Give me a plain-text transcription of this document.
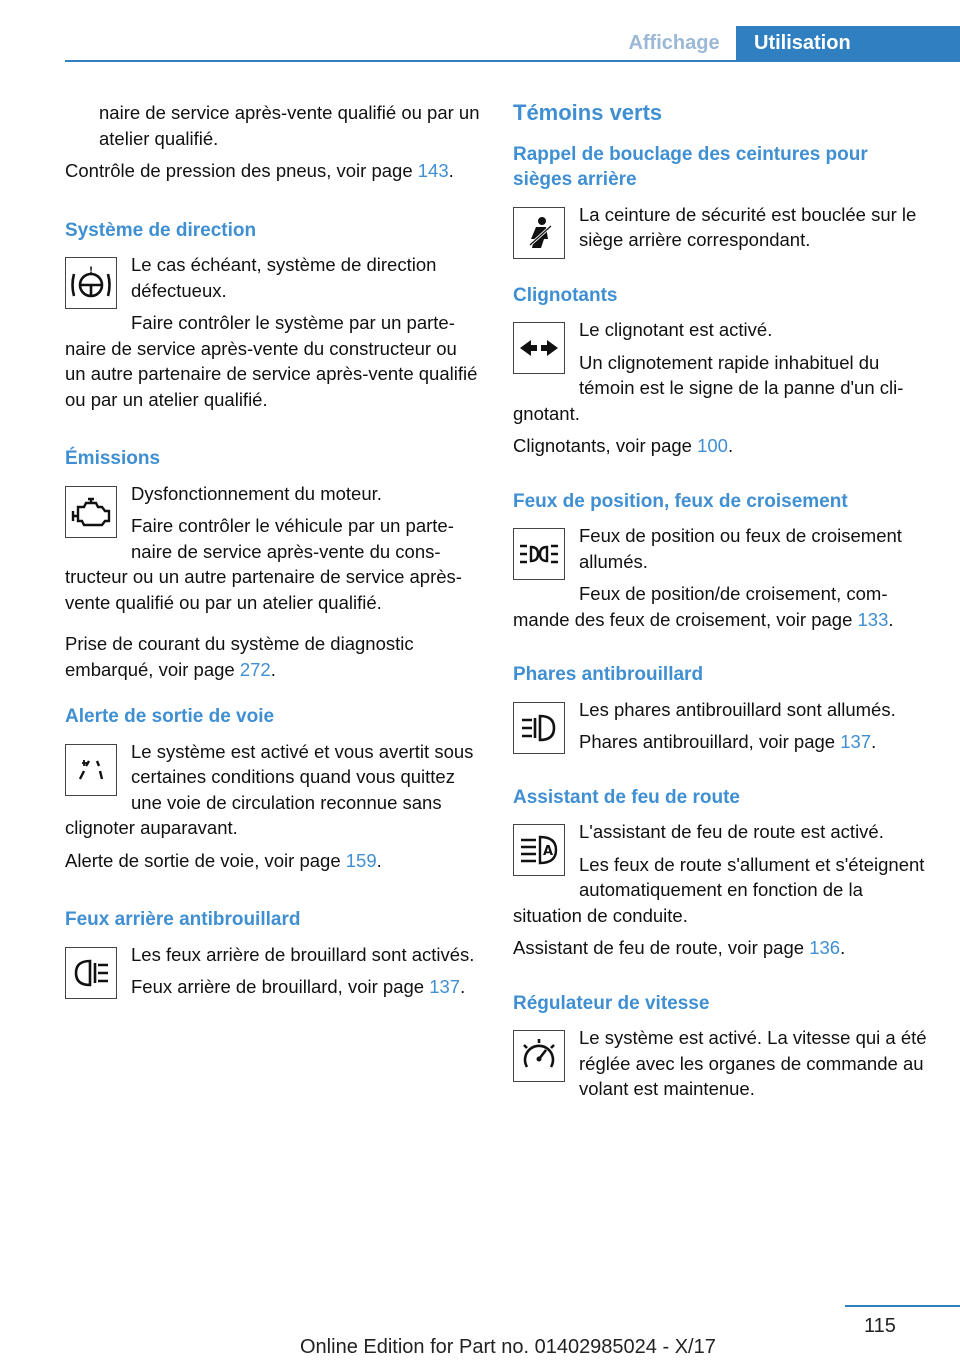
Affichage	Utilisation

naire de service après-vente qualifié ou par un atelier qualifié.

Contrôle de pression des pneus, voir page 143.

Système de direction
!	Le cas échéant, système de direction défectueux.

Faire contrôler le système par un partenaire de service après-vente du constructeur ou un autre partenaire de service après-vente qualifié ou par un atelier qualifié.

Émissions

Dysfonctionnement du moteur.

Faire contrôler le véhicule par un partenaire de service après-vente du constructeur ou un autre partenaire de service après-vente qualifié ou par un atelier qualifié.

Prise de courant du système de diagnostic embarqué, voir page 272.

Alerte de sortie de voie

Le système est activé et vous avertit sous certaines conditions quand vous quittez une voie de circulation reconnue sans clignoter auparavant.

Alerte de sortie de voie, voir page 159.

Feux arrière antibrouillard

Les feux arrière de brouillard sont activés.

Feux arrière de brouillard, voir page 137.

Témoins verts
Rappel de bouclage des ceintures pour sièges arrière

La ceinture de sécurité est bouclée sur le siège arrière correspondant.

Clignotants

Le clignotant est activé.

Un clignotement rapide inhabituel du témoin est le signe de la panne d'un clignotant.

Clignotants, voir page 100.

Feux de position, feux de croisement

Feux de position ou feux de croisement allumés.

Feux de position/de croisement, commande des feux de croisement, voir page 133.

Phares antibrouillard

Les phares antibrouillard sont allumés.

Phares antibrouillard, voir page 137.

Assistant de feu de route
A

L'assistant de feu de route est activé.

Les feux de route s'allument et s'éteignent automatiquement en fonction de la situation de conduite.

Assistant de feu de route, voir page 136.

Régulateur de vitesse

Le système est activé. La vitesse qui a été réglée avec les organes de commande au volant est maintenue.

115
Online Edition for Part no. 01402985024 - X/17
